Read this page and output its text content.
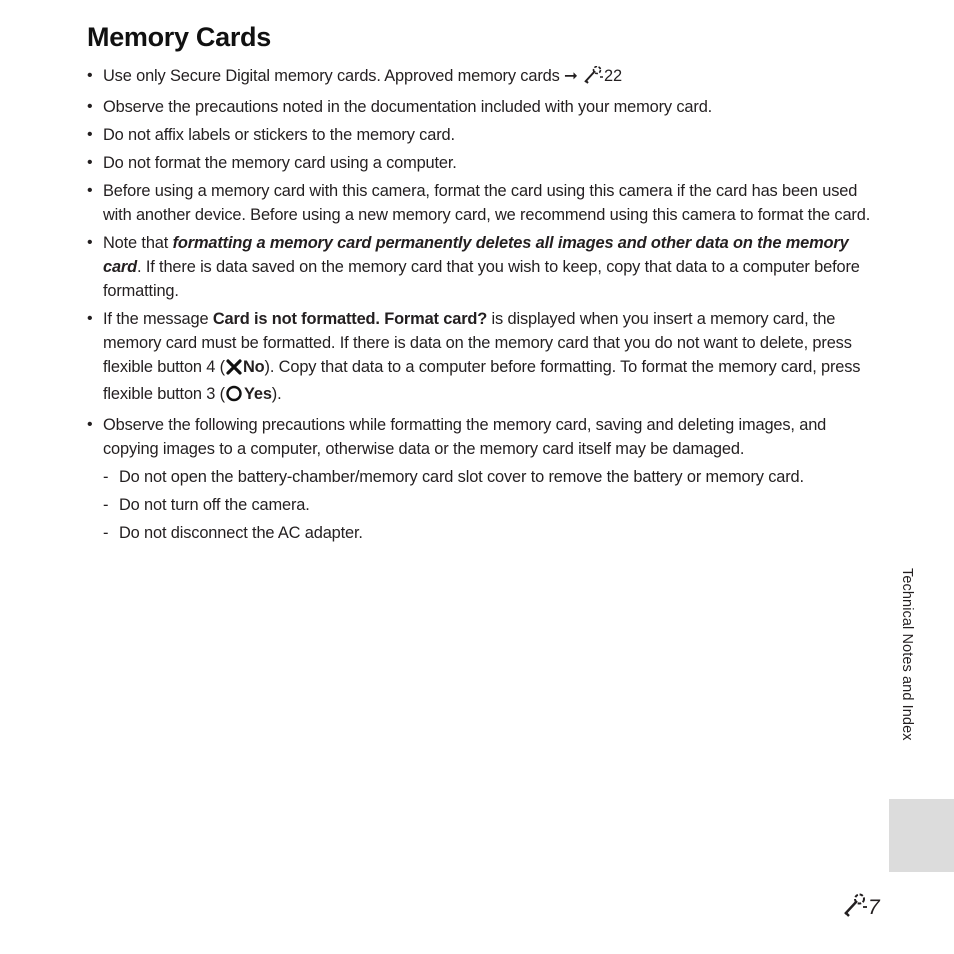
Memory Cards
• Use only Secure Digital memory cards. Approved memory cards ➞ 22
• Observe the precautions noted in the documentation included with your memory card.
• Do not affix labels or stickers to the memory card.
• Do not format the memory card using a computer.
• Before using a memory card with this camera, format the card using this camera if the card has been used with another device. Before using a new memory card, we recommend using this camera to format the card.
• Note that formatting a memory card permanently deletes all images and other data on the memory card. If there is data saved on the memory card that you wish to keep, copy that data to a computer before formatting.
• If the message Card is not formatted. Format card? is displayed when you insert a memory card, the memory card must be formatted. If there is data on the memory card that you do not want to delete, press flexible button 4 ( No). Copy that data to a computer before formatting. To format the memory card, press flexible button 3 ( Yes).
• Observe the following precautions while formatting the memory card, saving and deleting images, and copying images to a computer, otherwise data or the memory card itself may be damaged.
- Do not open the battery-chamber/memory card slot cover to remove the battery or memory card.
- Do not turn off the camera.
- Do not disconnect the AC adapter.
Technical Notes and Index
7
